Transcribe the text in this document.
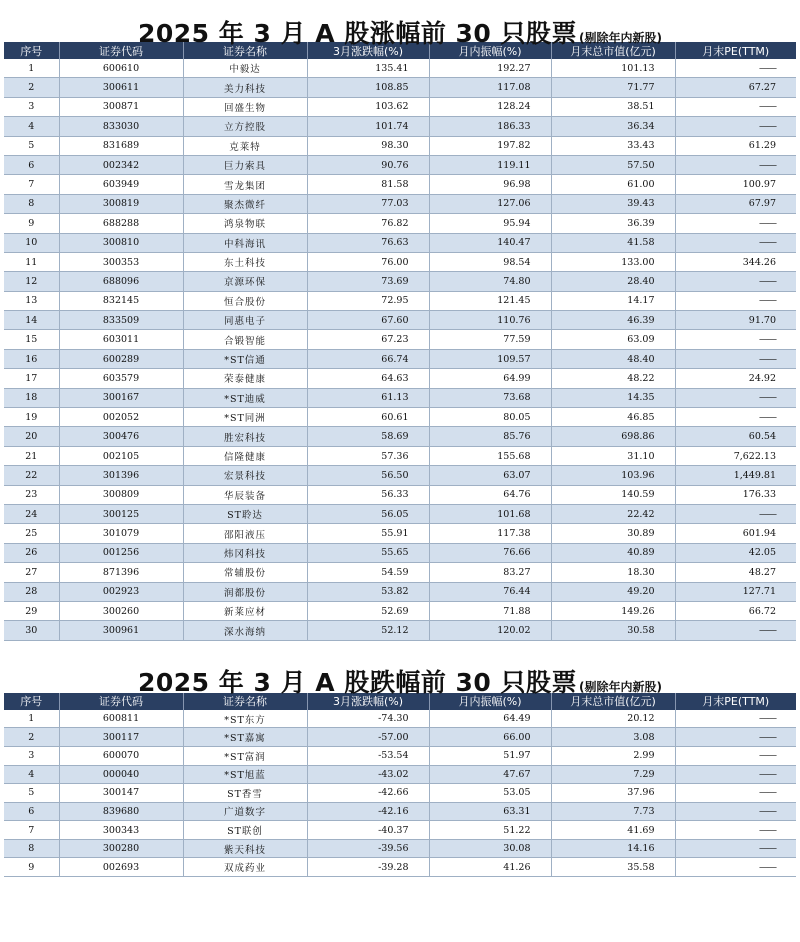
2025 年 3 月 A 股涨幅前 30 只股票 (剔除年内新股)
序号	证券代码	证券名称	3月涨跌幅(%)	月内振幅(%)	月末总市值(亿元)	月末PE(TTM)
1	600610	中毅达	135.41	192.27	101.13	——
2	300611	美力科技	108.85	117.08	71.77	67.27
3	300871	回盛生物	103.62	128.24	38.51	——
4	833030	立方控股	101.74	186.33	36.34	——
5	831689	克莱特	98.30	197.82	33.43	61.29
6	002342	巨力索具	90.76	119.11	57.50	——
7	603949	雪龙集团	81.58	96.98	61.00	100.97
8	300819	聚杰微纤	77.03	127.06	39.43	67.97
9	688288	鸿泉物联	76.82	95.94	36.39	——
10	300810	中科海讯	76.63	140.47	41.58	——
11	300353	东土科技	76.00	98.54	133.00	344.26
12	688096	京源环保	73.69	74.80	28.40	——
13	832145	恒合股份	72.95	121.45	14.17	——
14	833509	同惠电子	67.60	110.76	46.39	91.70
15	603011	合锻智能	67.23	77.59	63.09	——
16	600289	*ST信通	66.74	109.57	48.40	——
17	603579	荣泰健康	64.63	64.99	48.22	24.92
18	300167	*ST迪威	61.13	73.68	14.35	——
19	002052	*ST同洲	60.61	80.05	46.85	——
20	300476	胜宏科技	58.69	85.76	698.86	60.54
21	002105	信隆健康	57.36	155.68	31.10	7,622.13
22	301396	宏景科技	56.50	63.07	103.96	1,449.81
23	300809	华辰装备	56.33	64.76	140.59	176.33
24	300125	ST聆达	56.05	101.68	22.42	——
25	301079	邵阳液压	55.91	117.38	30.89	601.94
26	001256	炜冈科技	55.65	76.66	40.89	42.05
27	871396	常辅股份	54.59	83.27	18.30	48.27
28	002923	润都股份	53.82	76.44	49.20	127.71
29	300260	新莱应材	52.69	71.88	149.26	66.72
30	300961	深水海纳	52.12	120.02	30.58	——
2025 年 3 月 A 股跌幅前 30 只股票 (剔除年内新股)
序号	证券代码	证券名称	3月涨跌幅(%)	月内振幅(%)	月末总市值(亿元)	月末PE(TTM)
1	600811	*ST东方	-74.30	64.49	20.12	——
2	300117	*ST嘉寓	-57.00	66.00	3.08	——
3	600070	*ST富润	-53.54	51.97	2.99	——
4	000040	*ST旭蓝	-43.02	47.67	7.29	——
5	300147	ST香雪	-42.66	53.05	37.96	——
6	839680	广道数字	-42.16	63.31	7.73	——
7	300343	ST联创	-40.37	51.22	41.69	——
8	300280	紫天科技	-39.56	30.08	14.16	——
9	002693	双成药业	-39.28	41.26	35.58	——
